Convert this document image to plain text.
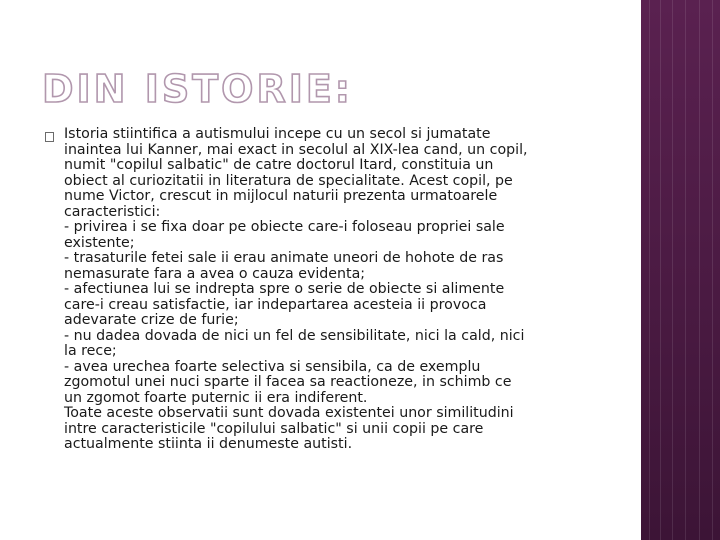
DIN ISTORIE:
Istoria stiintifica a autismului incepe cu un secol si jumatate
inaintea lui Kanner, mai exact in secolul al XIX-lea cand, un copil,
numit "copilul salbatic" de catre doctorul Itard, constituia un
obiect al curiozitatii in literatura de specialitate. Acest copil, pe
nume Victor, crescut in mijlocul naturii prezenta urmatoarele
caracteristici:
- privirea i se fixa doar pe obiecte care-i foloseau propriei sale
existente;
- trasaturile fetei sale ii erau animate uneori de hohote de ras
nemasurate fara a avea o cauza evidenta;
- afectiunea lui se indrepta spre o serie de obiecte si alimente
care-i creau satisfactie, iar indepartarea acesteia ii provoca
adevarate crize de furie;
- nu dadea dovada de nici un fel de sensibilitate, nici la cald, nici
la rece;
- avea urechea foarte selectiva si sensibila, ca de exemplu
zgomotul unei nuci sparte il facea sa reactioneze, in schimb ce
un zgomot foarte puternic ii era indiferent.
Toate aceste observatii sunt dovada existentei unor similitudini
intre caracteristicile "copilului salbatic" si unii copii pe care
actualmente stiinta ii denumeste autisti.
